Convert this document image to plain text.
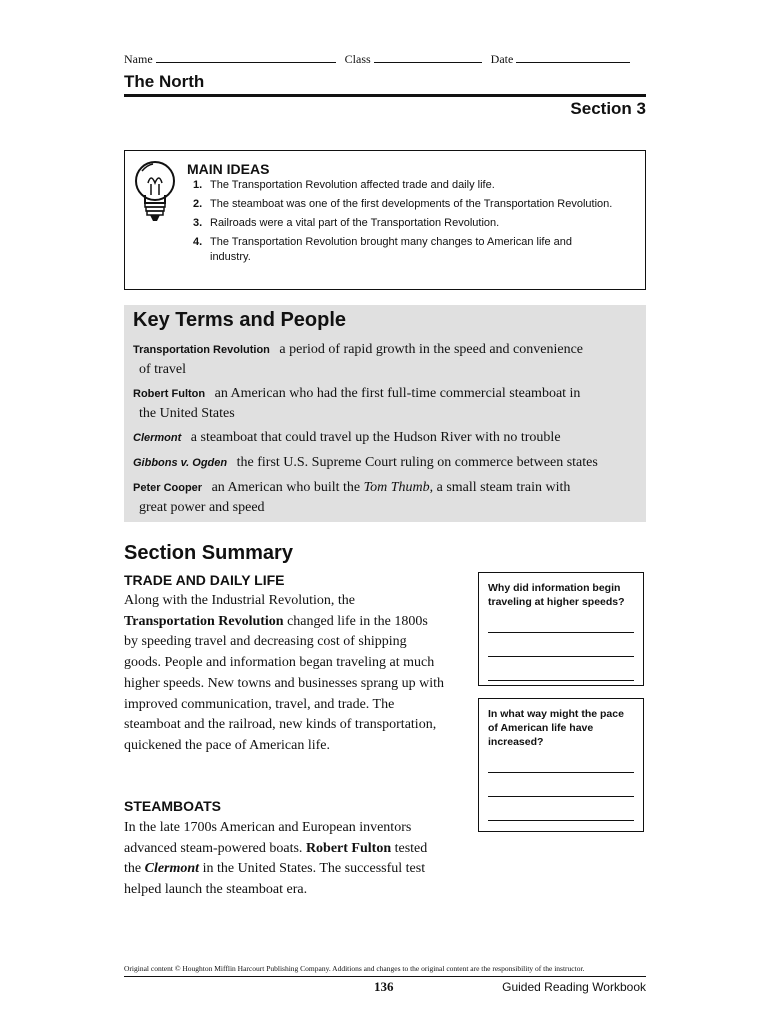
Name	Class	Date
The North
Section 3
MAIN IDEAS
1. The Transportation Revolution affected trade and daily life.
2. The steamboat was one of the first developments of the Transportation Revolution.
3. Railroads were a vital part of the Transportation Revolution.
4. The Transportation Revolution brought many changes to American life and industry.
Key Terms and People
Transportation Revolution a period of rapid growth in the speed and convenience
of travel
Robert Fulton an American who had the first full-time commercial steamboat in
the United States
Clermont a steamboat that could travel up the Hudson River with no trouble
Gibbons v. Ogden the first U.S. Supreme Court ruling on commerce between states
Peter Cooper an American who built the Tom Thumb, a small steam train with
great power and speed
Section Summary
TRADE AND DAILY LIFE
Along with the Industrial Revolution, the Transportation Revolution changed life in the 1800s by speeding travel and decreasing cost of shipping goods. People and information began traveling at much higher speeds. New towns and businesses sprang up with improved communication, travel, and trade. The steamboat and the railroad, new kinds of transportation, quickened the pace of American life.
STEAMBOATS
In the late 1700s American and European inventors advanced steam-powered boats. Robert Fulton tested the Clermont in the United States. The successful test helped launch the steamboat era.
Why did information begin traveling at higher speeds?
In what way might the pace of American life have increased?
Original content © Houghton Mifflin Harcourt Publishing Company. Additions and changes to the original content are the responsibility of the instructor.
136	Guided Reading Workbook
